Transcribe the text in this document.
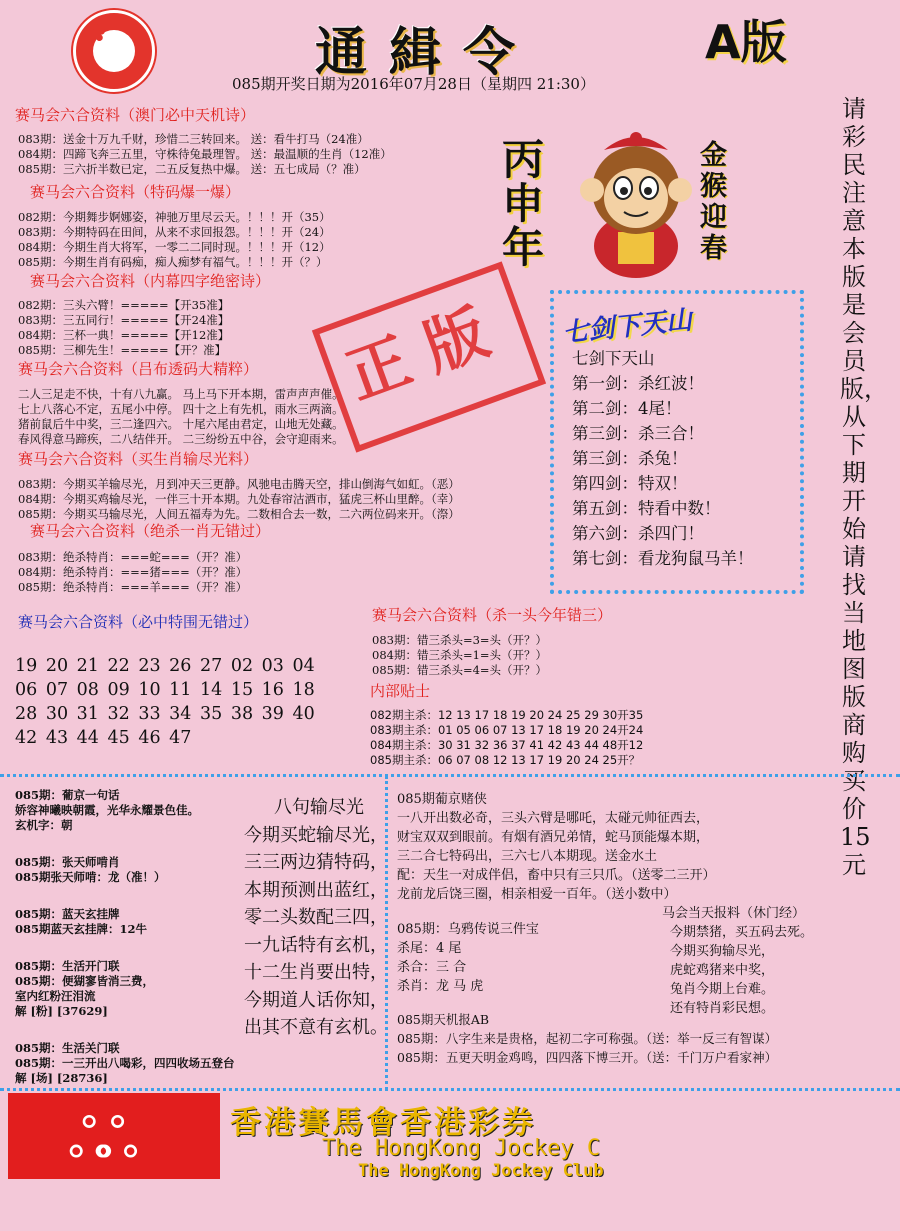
✿	通緝令	A版
085期开奖日期为2016年07月28日（星期四 21:30）
请彩民注意本版是会员版，从下期开始请找当地图版商购买价15元
赛马会六合资料（澳门必中天机诗）
083期：送金十万九千财，珍惜二三转回来。 送：看牛打马（24准）
084期：四蹄飞奔三五里，守株待兔最理智。 送：最温顺的生肖（12准）
085期：三六折半数已定，二五反复热中爆。 送：五七成局（？准）
赛马会六合资料（特码爆一爆）
082期：今期舞步婀娜姿，神驰万里尽云天。！！！开（35）
083期：今期特码在田间，从来不求回报怨。！！！开（24）
084期：今期生肖大将军，一零二二同时现。！！！开（12）
085期：今期生肖有码痴，痴人痴梦有福气。！！！开（？）
赛马会六合资料（内幕四字绝密诗）
082期：三头六臂！=====【开35准】
083期：三五同行！=====【开24准】
084期：三杯一典！=====【开12准】
085期：三柳先生！=====【开？准】
赛马会六合资料（吕布透码大精粹）
二人三足走不快，十有八九赢。 马上马下开本期，雷声声声催。
七上八落心不定，五尾小中停。 四十之上有先机，雨水三两滴。
猪前鼠后牛中奖，三二逢四六。 十尾六尾由君定，山地无处藏。
春风得意马蹄疾，二八结伴开。 二三纷纷五中谷，会守迎雨来。
赛马会六合资料（买生肖输尽光料）
083期：今期买羊输尽光，月到冲天三更静。风驰电击腾天空，排山倒海气如虹。（恶）
084期：今期买鸡输尽光，一伴三十开本期。九处春帘沽酒市，猛虎三杯山里醉。（幸）
085期：今期买马输尽光，人间五福寿为先。二数相合去一数，二六两位码来开。（漈）
赛马会六合资料（绝杀一肖无错过）
083期：绝杀特肖：===蛇===（开？准）
084期：绝杀特肖：===猪===（开？准）
085期：绝杀特肖：===羊===（开？准）
赛马会六合资料（必中特围无错过）
19 20 21 22 23 26 27 02 03 04
06 07 08 09 10 11 14 15 16 18
28 30 31 32 33 34 35 38 39 40
42 43 44 45 46 47
丙申年
金猴迎春
正版	七剑下天山
七剑下天山
第一剑：杀红波！
第二剑：4尾！
第三剑：杀三合！
第三剑：杀兔！
第四剑：特双！
第五剑：特看中数！
第六剑：杀四门！
第七剑：看龙狗鼠马羊！
赛马会六合资料（杀一头今年错三）
083期：错三杀头=3=头（开？）
084期：错三杀头=1=头（开？）
085期：错三杀头=4=头（开？）
内部贴士
082期主杀：12 13 17 18 19 20 24 25 29 30开35
083期主杀：01 05 06 07 13 17 18 19 20 24开24
084期主杀：30 31 32 36 37 41 42 43 44 48开12
085期主杀：06 07 08 12 13 17 19 20 24 25开？
085期：葡京一句话
娇容神曦映朝霞，光华永耀景色佳。
玄机字：朝
085期：张天师啃肖
085期张天师啃：龙（准！）
085期：蓝天玄挂牌
085期蓝天玄挂牌：12牛
085期：生活开门联
085期：便猢寥皆消三费，
室内红粉汪泪流
解 [粉] [37629]
085期：生活关门联
085期：一三开出八喝彩，四四收场五登台
解 [场] [28736]
八句输尽光
今期买蛇输尽光，
三三两边猜特码，
本期预测出蓝红，
零二头数配三四，
一九话特有玄机，
十二生肖要出特，
今期道人话你知，
出其不意有玄机。
085期葡京赌侠
一八开出数必奇，三头六臂是哪吒，太碰元帅征西去，
财宝双双到眼前。有烟有酒兄弟情，蛇马顶能爆本期，
三二合七特码出，三六七八本期现。送金水土
配：天生一对成伴侣，畜中只有三只爪。（送零二三开）
龙前龙后饶三圈，相亲相爱一百年。（送小数中）
085期：乌鸦传说三件宝
杀尾：4 尾
杀合：三 合
杀肖：龙 马 虎
马会当天报料（休门经）
今期禁猪，买五码去死。
今期买狗输尽光，
虎蛇鸡猪来中奖，
兔肖今期上台难。
还有特肖彩民想。
085期天机报AB
085期：八字生来是贵格，起初二字可称强。（送：举一反三有智谋）
085期：五更天明金鸡鸣，四四落下博三开。（送：千门万户看家神）
ஃஃ	香港賽馬會香港彩券
The HongKong Jockey C
The HongKong Jockey Club
